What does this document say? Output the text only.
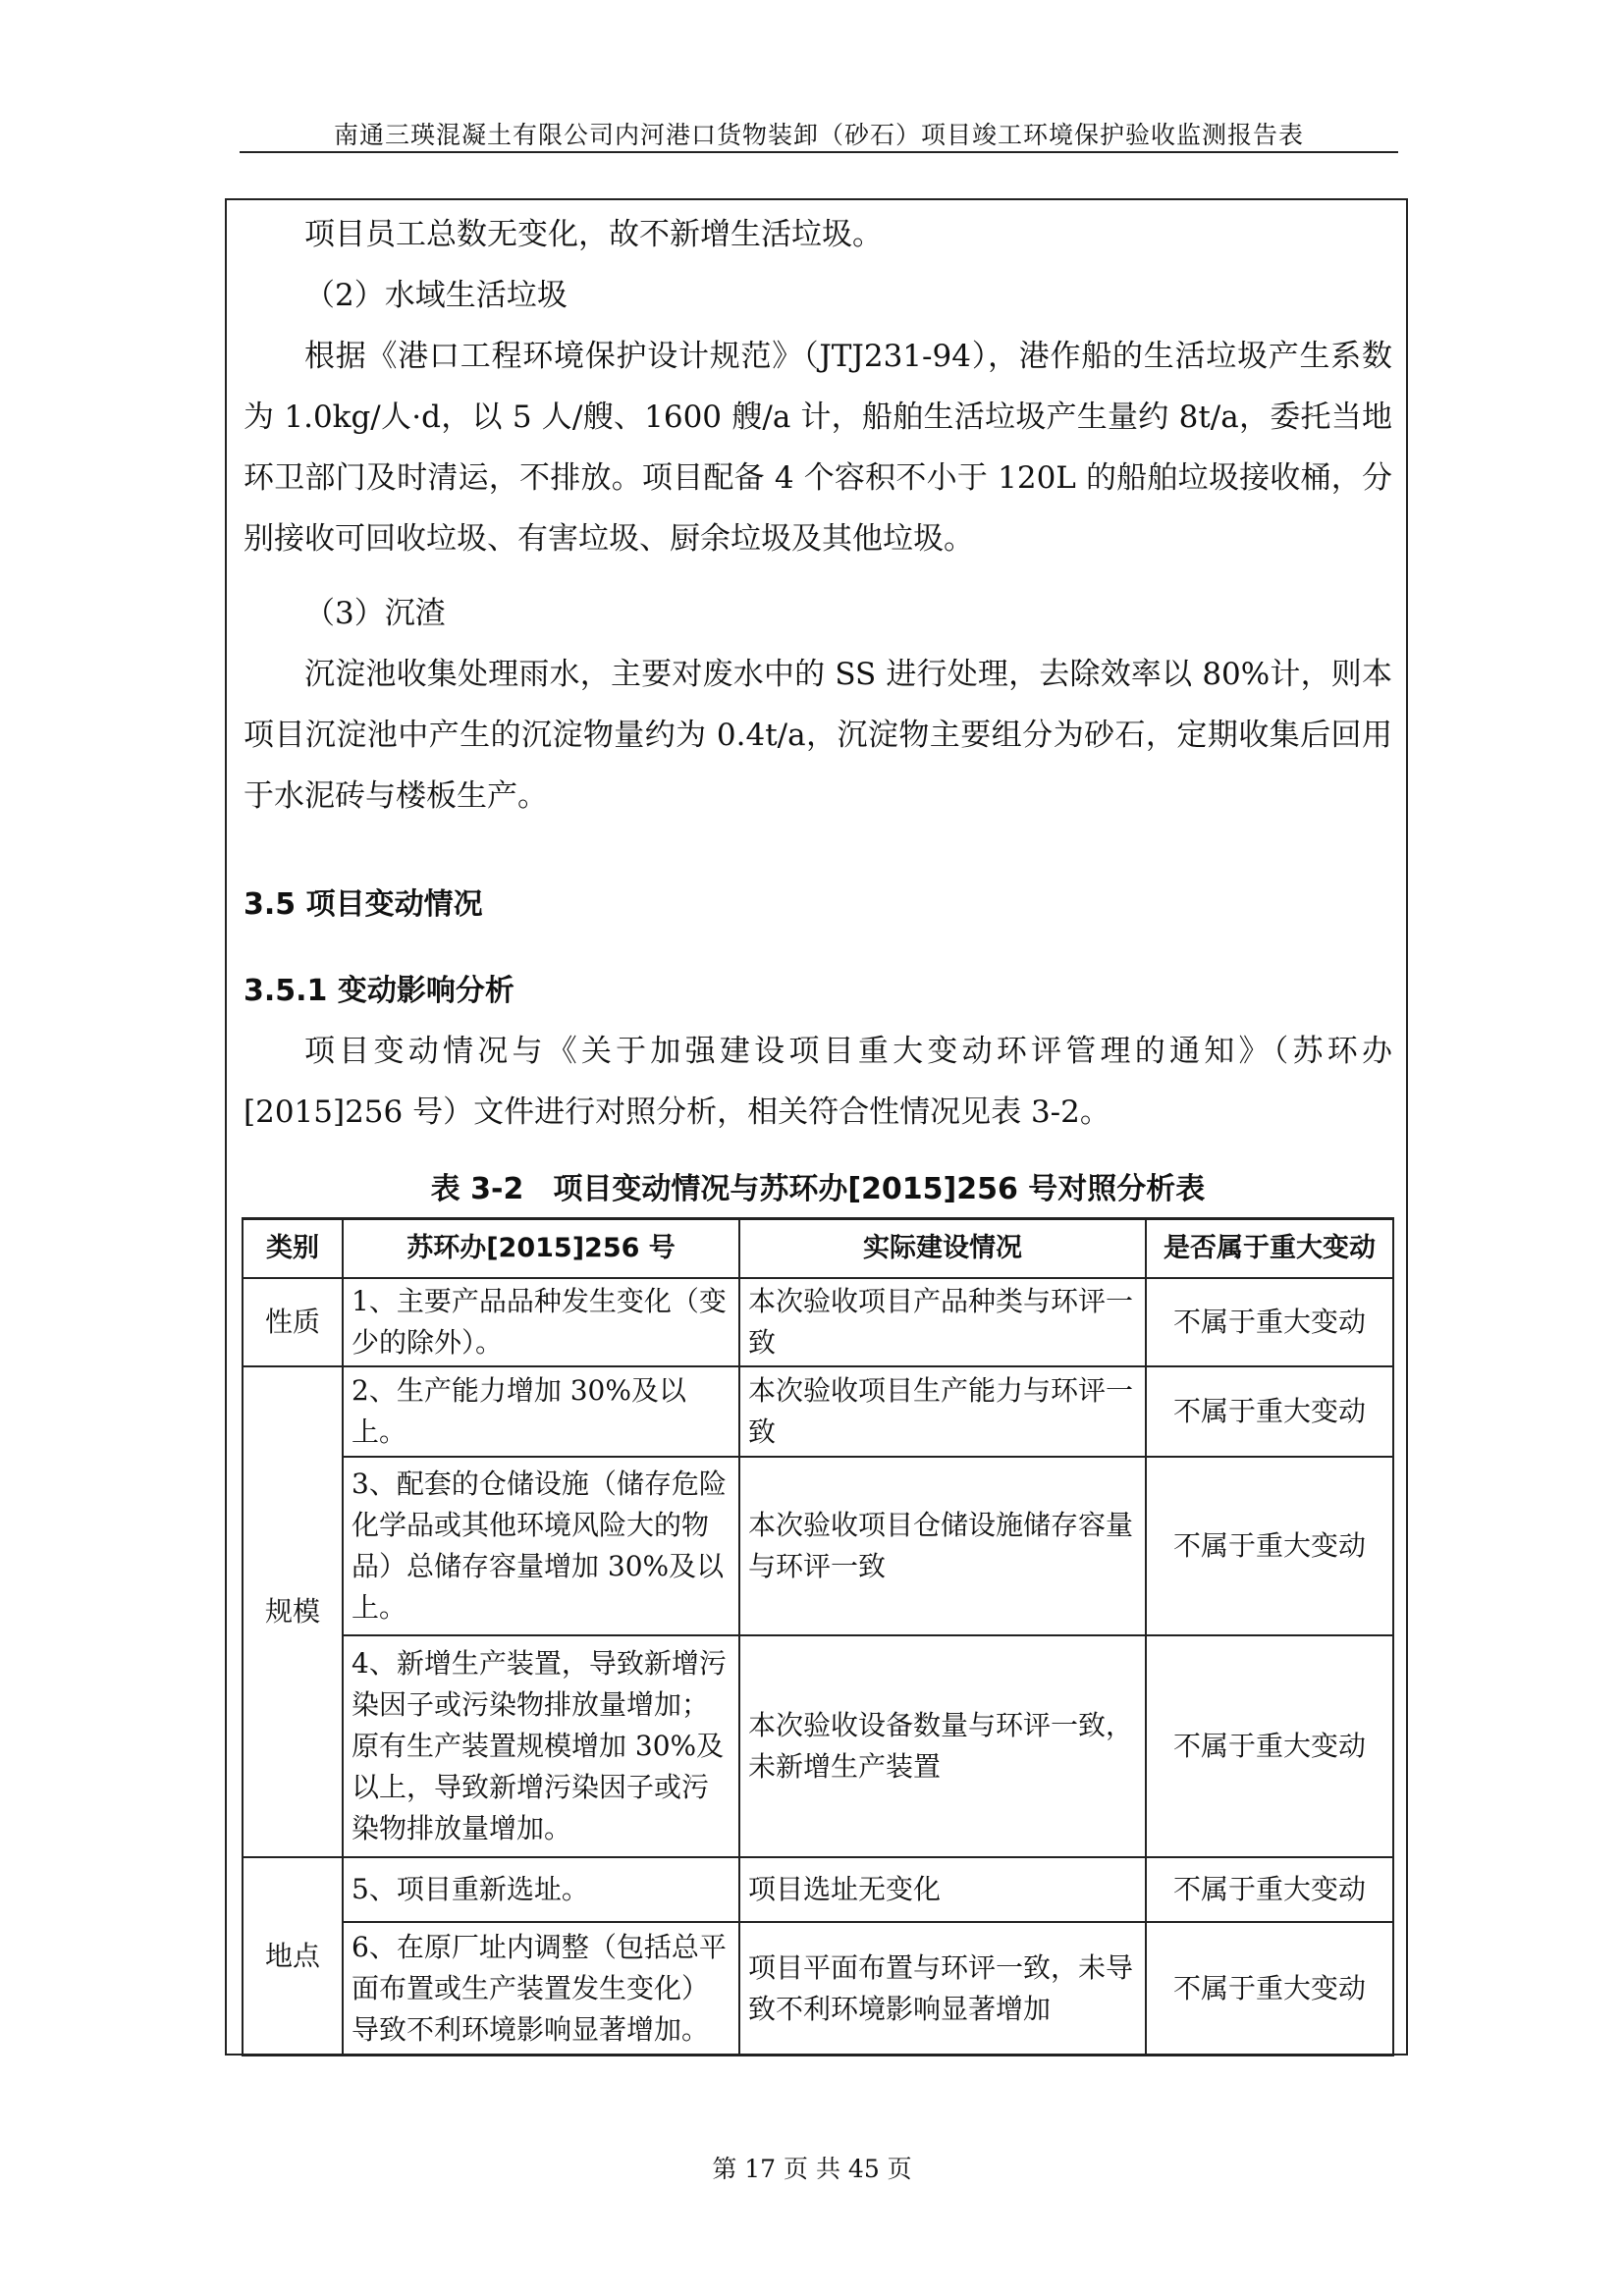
南通三瑛混凝土有限公司内河港口货物装卸（砂石）项目竣工环境保护验收监测报告表
项目员工总数无变化，故不新增生活垃圾。
（2）水域生活垃圾
根据《港口工程环境保护设计规范》（JTJ231-94），港作船的生活垃圾产生系数为 1.0kg/人·d，以 5 人/艘、1600 艘/a 计，船舶生活垃圾产生量约 8t/a，委托当地环卫部门及时清运，不排放。项目配备 4 个容积不小于 120L 的船舶垃圾接收桶，分别接收可回收垃圾、有害垃圾、厨余垃圾及其他垃圾。
（3）沉渣
沉淀池收集处理雨水，主要对废水中的 SS 进行处理，去除效率以 80%计，则本项目沉淀池中产生的沉淀物量约为 0.4t/a，沉淀物主要组分为砂石，定期收集后回用于水泥砖与楼板生产。
3.5 项目变动情况
3.5.1 变动影响分析
项目变动情况与《关于加强建设项目重大变动环评管理的通知》（苏环办[2015]256 号）文件进行对照分析，相关符合性情况见表 3-2。
表 3-2　项目变动情况与苏环办[2015]256 号对照分析表
类别	苏环办[2015]256 号	实际建设情况	是否属于重大变动
性质	1、主要产品品种发生变化（变少的除外）。	本次验收项目产品种类与环评一致	不属于重大变动
规模	2、生产能力增加 30%及以上。	本次验收项目生产能力与环评一致	不属于重大变动
	3、配套的仓储设施（储存危险化学品或其他环境风险大的物品）总储存容量增加 30%及以上。	本次验收项目仓储设施储存容量与环评一致	不属于重大变动
	4、新增生产装置，导致新增污染因子或污染物排放量增加；原有生产装置规模增加 30%及以上，导致新增污染因子或污染物排放量增加。	本次验收设备数量与环评一致，未新增生产装置	不属于重大变动
地点	5、项目重新选址。	项目选址无变化	不属于重大变动
	6、在原厂址内调整（包括总平面布置或生产装置发生变化）导致不利环境影响显著增加。	项目平面布置与环评一致，未导致不利环境影响显著增加	不属于重大变动
第 17 页 共 45 页
